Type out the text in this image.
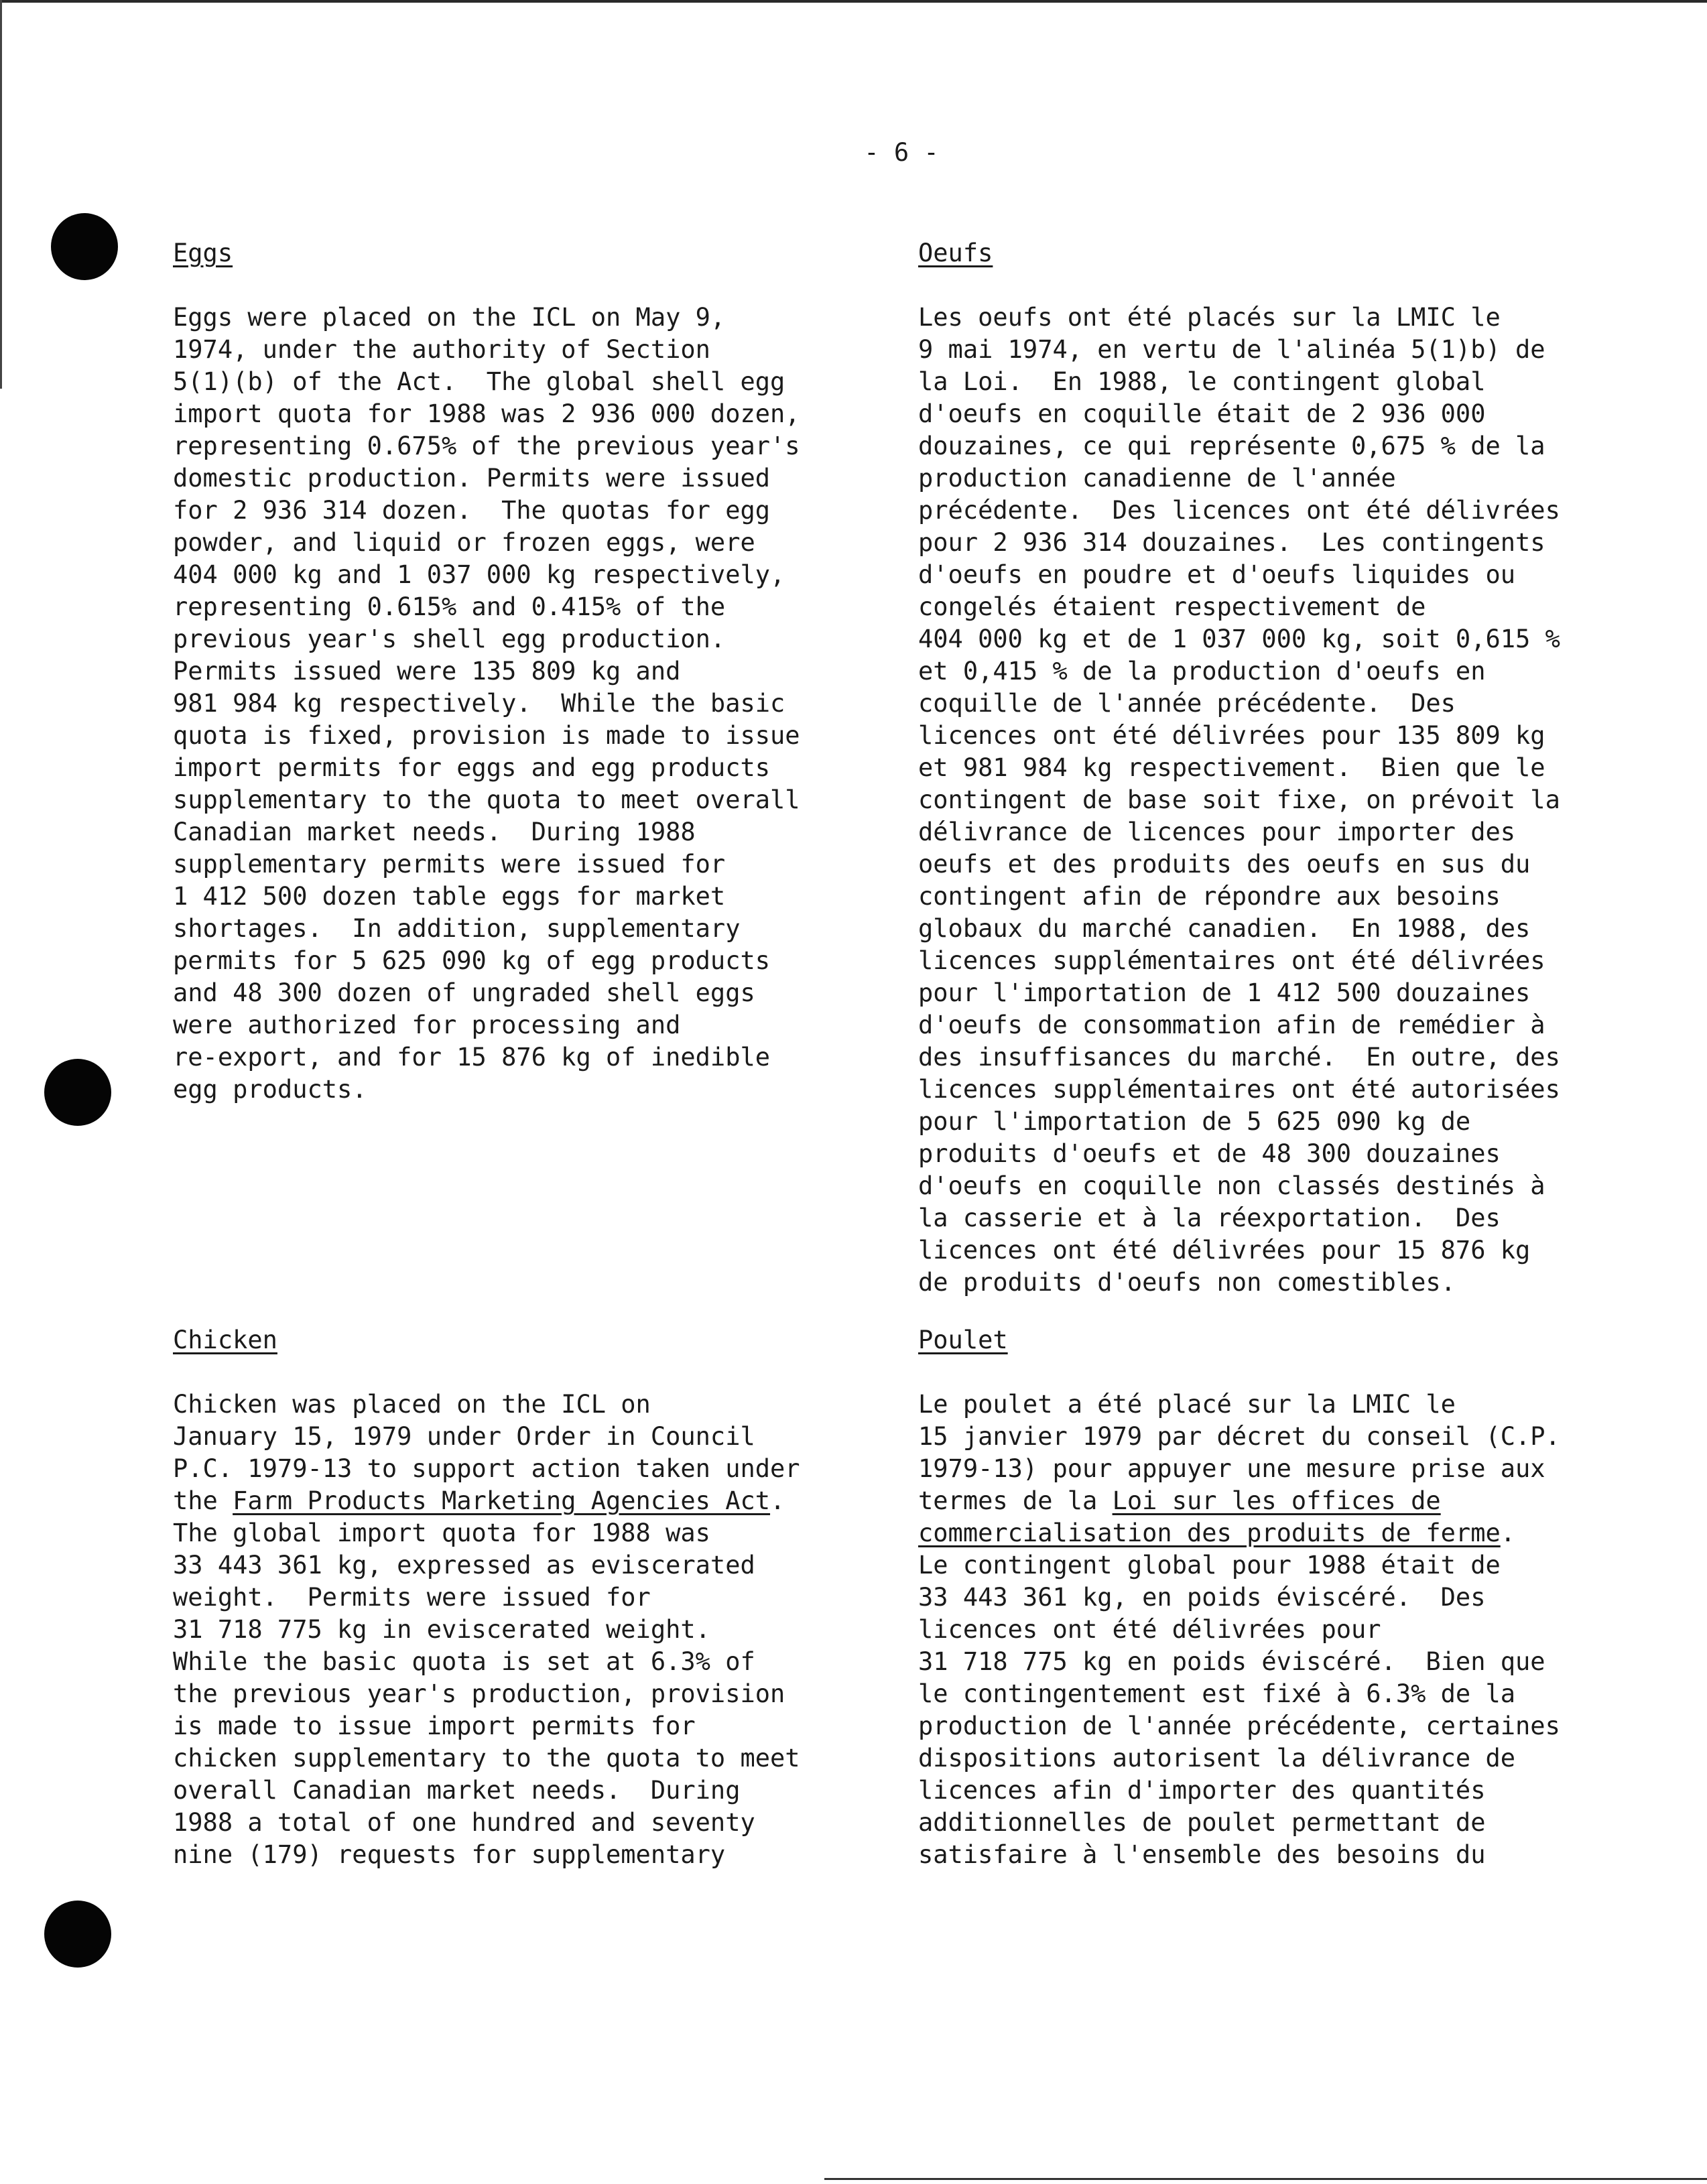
- 6 -
Eggs
Eggs were placed on the ICL on May 9,
1974, under the authority of Section
5(1)(b) of the Act.  The global shell egg
import quota for 1988 was 2 936 000 dozen,
representing 0.675% of the previous year's
domestic production. Permits were issued
for 2 936 314 dozen.  The quotas for egg
powder, and liquid or frozen eggs, were
404 000 kg and 1 037 000 kg respectively,
representing 0.615% and 0.415% of the
previous year's shell egg production.
Permits issued were 135 809 kg and
981 984 kg respectively.  While the basic
quota is fixed, provision is made to issue
import permits for eggs and egg products
supplementary to the quota to meet overall
Canadian market needs.  During 1988
supplementary permits were issued for
1 412 500 dozen table eggs for market
shortages.  In addition, supplementary
permits for 5 625 090 kg of egg products
and 48 300 dozen of ungraded shell eggs
were authorized for processing and
re-export, and for 15 876 kg of inedible
egg products.
Oeufs
Les oeufs ont été placés sur la LMIC le
9 mai 1974, en vertu de l'alinéa 5(1)b) de
la Loi.  En 1988, le contingent global
d'oeufs en coquille était de 2 936 000
douzaines, ce qui représente 0,675 % de la
production canadienne de l'année
précédente.  Des licences ont été délivrées
pour 2 936 314 douzaines.  Les contingents
d'oeufs en poudre et d'oeufs liquides ou
congelés étaient respectivement de
404 000 kg et de 1 037 000 kg, soit 0,615 %
et 0,415 % de la production d'oeufs en
coquille de l'année précédente.  Des
licences ont été délivrées pour 135 809 kg
et 981 984 kg respectivement.  Bien que le
contingent de base soit fixe, on prévoit la
délivrance de licences pour importer des
oeufs et des produits des oeufs en sus du
contingent afin de répondre aux besoins
globaux du marché canadien.  En 1988, des
licences supplémentaires ont été délivrées
pour l'importation de 1 412 500 douzaines
d'oeufs de consommation afin de remédier à
des insuffisances du marché.  En outre, des
licences supplémentaires ont été autorisées
pour l'importation de 5 625 090 kg de
produits d'oeufs et de 48 300 douzaines
d'oeufs en coquille non classés destinés à
la casserie et à la réexportation.  Des
licences ont été délivrées pour 15 876 kg
de produits d'oeufs non comestibles.
Chicken
Chicken was placed on the ICL on
January 15, 1979 under Order in Council
P.C. 1979-13 to support action taken under
the Farm Products Marketing Agencies Act.
The global import quota for 1988 was
33 443 361 kg, expressed as eviscerated
weight.  Permits were issued for
31 718 775 kg in eviscerated weight.
While the basic quota is set at 6.3% of
the previous year's production, provision
is made to issue import permits for
chicken supplementary to the quota to meet
overall Canadian market needs.  During
1988 a total of one hundred and seventy
nine (179) requests for supplementary
Poulet
Le poulet a été placé sur la LMIC le
15 janvier 1979 par décret du conseil (C.P.
1979-13) pour appuyer une mesure prise aux
termes de la Loi sur les offices de
commercialisation des produits de ferme.
Le contingent global pour 1988 était de
33 443 361 kg, en poids éviscéré.  Des
licences ont été délivrées pour
31 718 775 kg en poids éviscéré.  Bien que
le contingentement est fixé à 6.3% de la
production de l'année précédente, certaines
dispositions autorisent la délivrance de
licences afin d'importer des quantités
additionnelles de poulet permettant de
satisfaire à l'ensemble des besoins du
